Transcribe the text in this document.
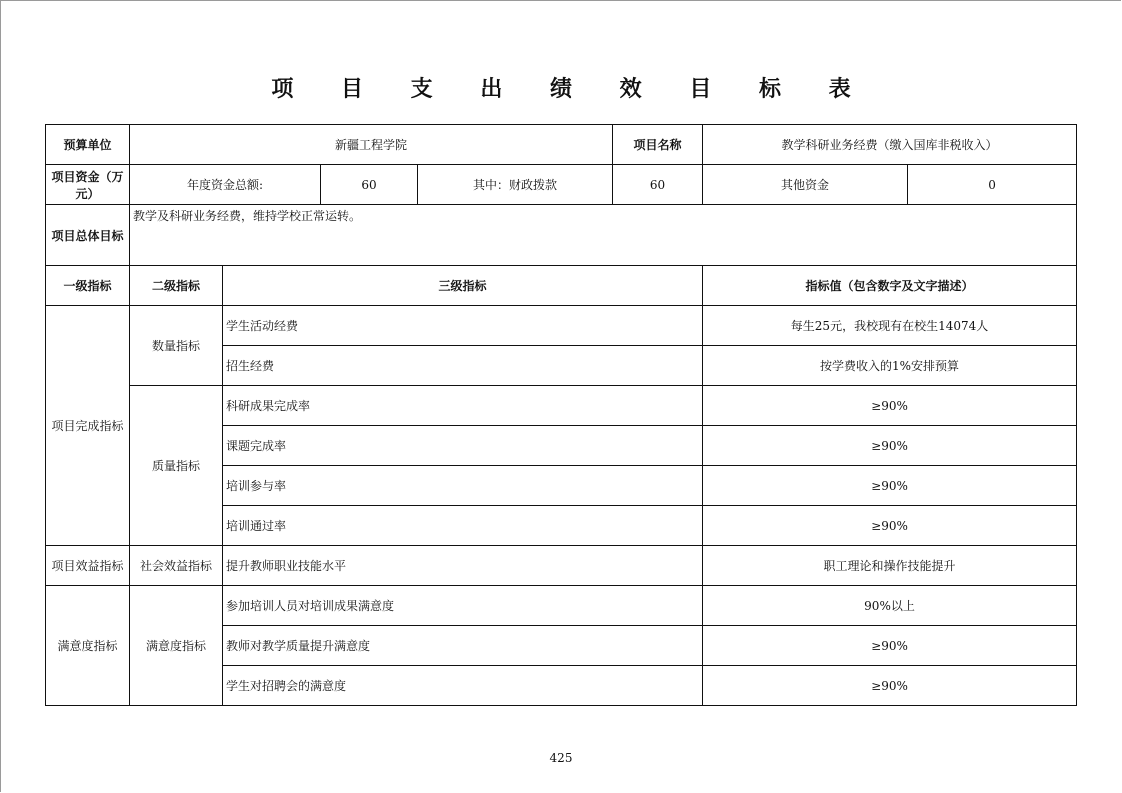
项 目 支 出 绩 效 目 标 表
预算单位	新疆工程学院				项目名称	教学科研业务经费（缴入国库非税收入）	
项目资金（万元）	年度资金总额:		60	其中：财政拨款	60	其他资金	0
项目总体目标	教学及科研业务经费，维持学校正常运转。						
一级指标	二级指标	三级指标				指标值（包含数字及文字描述）	
项目完成指标	数量指标	学生活动经费				每生25元，我校现有在校生14074人	
		招生经费				按学费收入的1%安排预算	
	质量指标	科研成果完成率				≥90%	
		课题完成率				≥90%	
		培训参与率				≥90%	
		培训通过率				≥90%	
项目效益指标	社会效益指标	提升教师职业技能水平				职工理论和操作技能提升	
满意度指标	满意度指标	参加培训人员对培训成果满意度				90%以上	
		教师对教学质量提升满意度				≥90%	
		学生对招聘会的满意度				≥90%	
425
